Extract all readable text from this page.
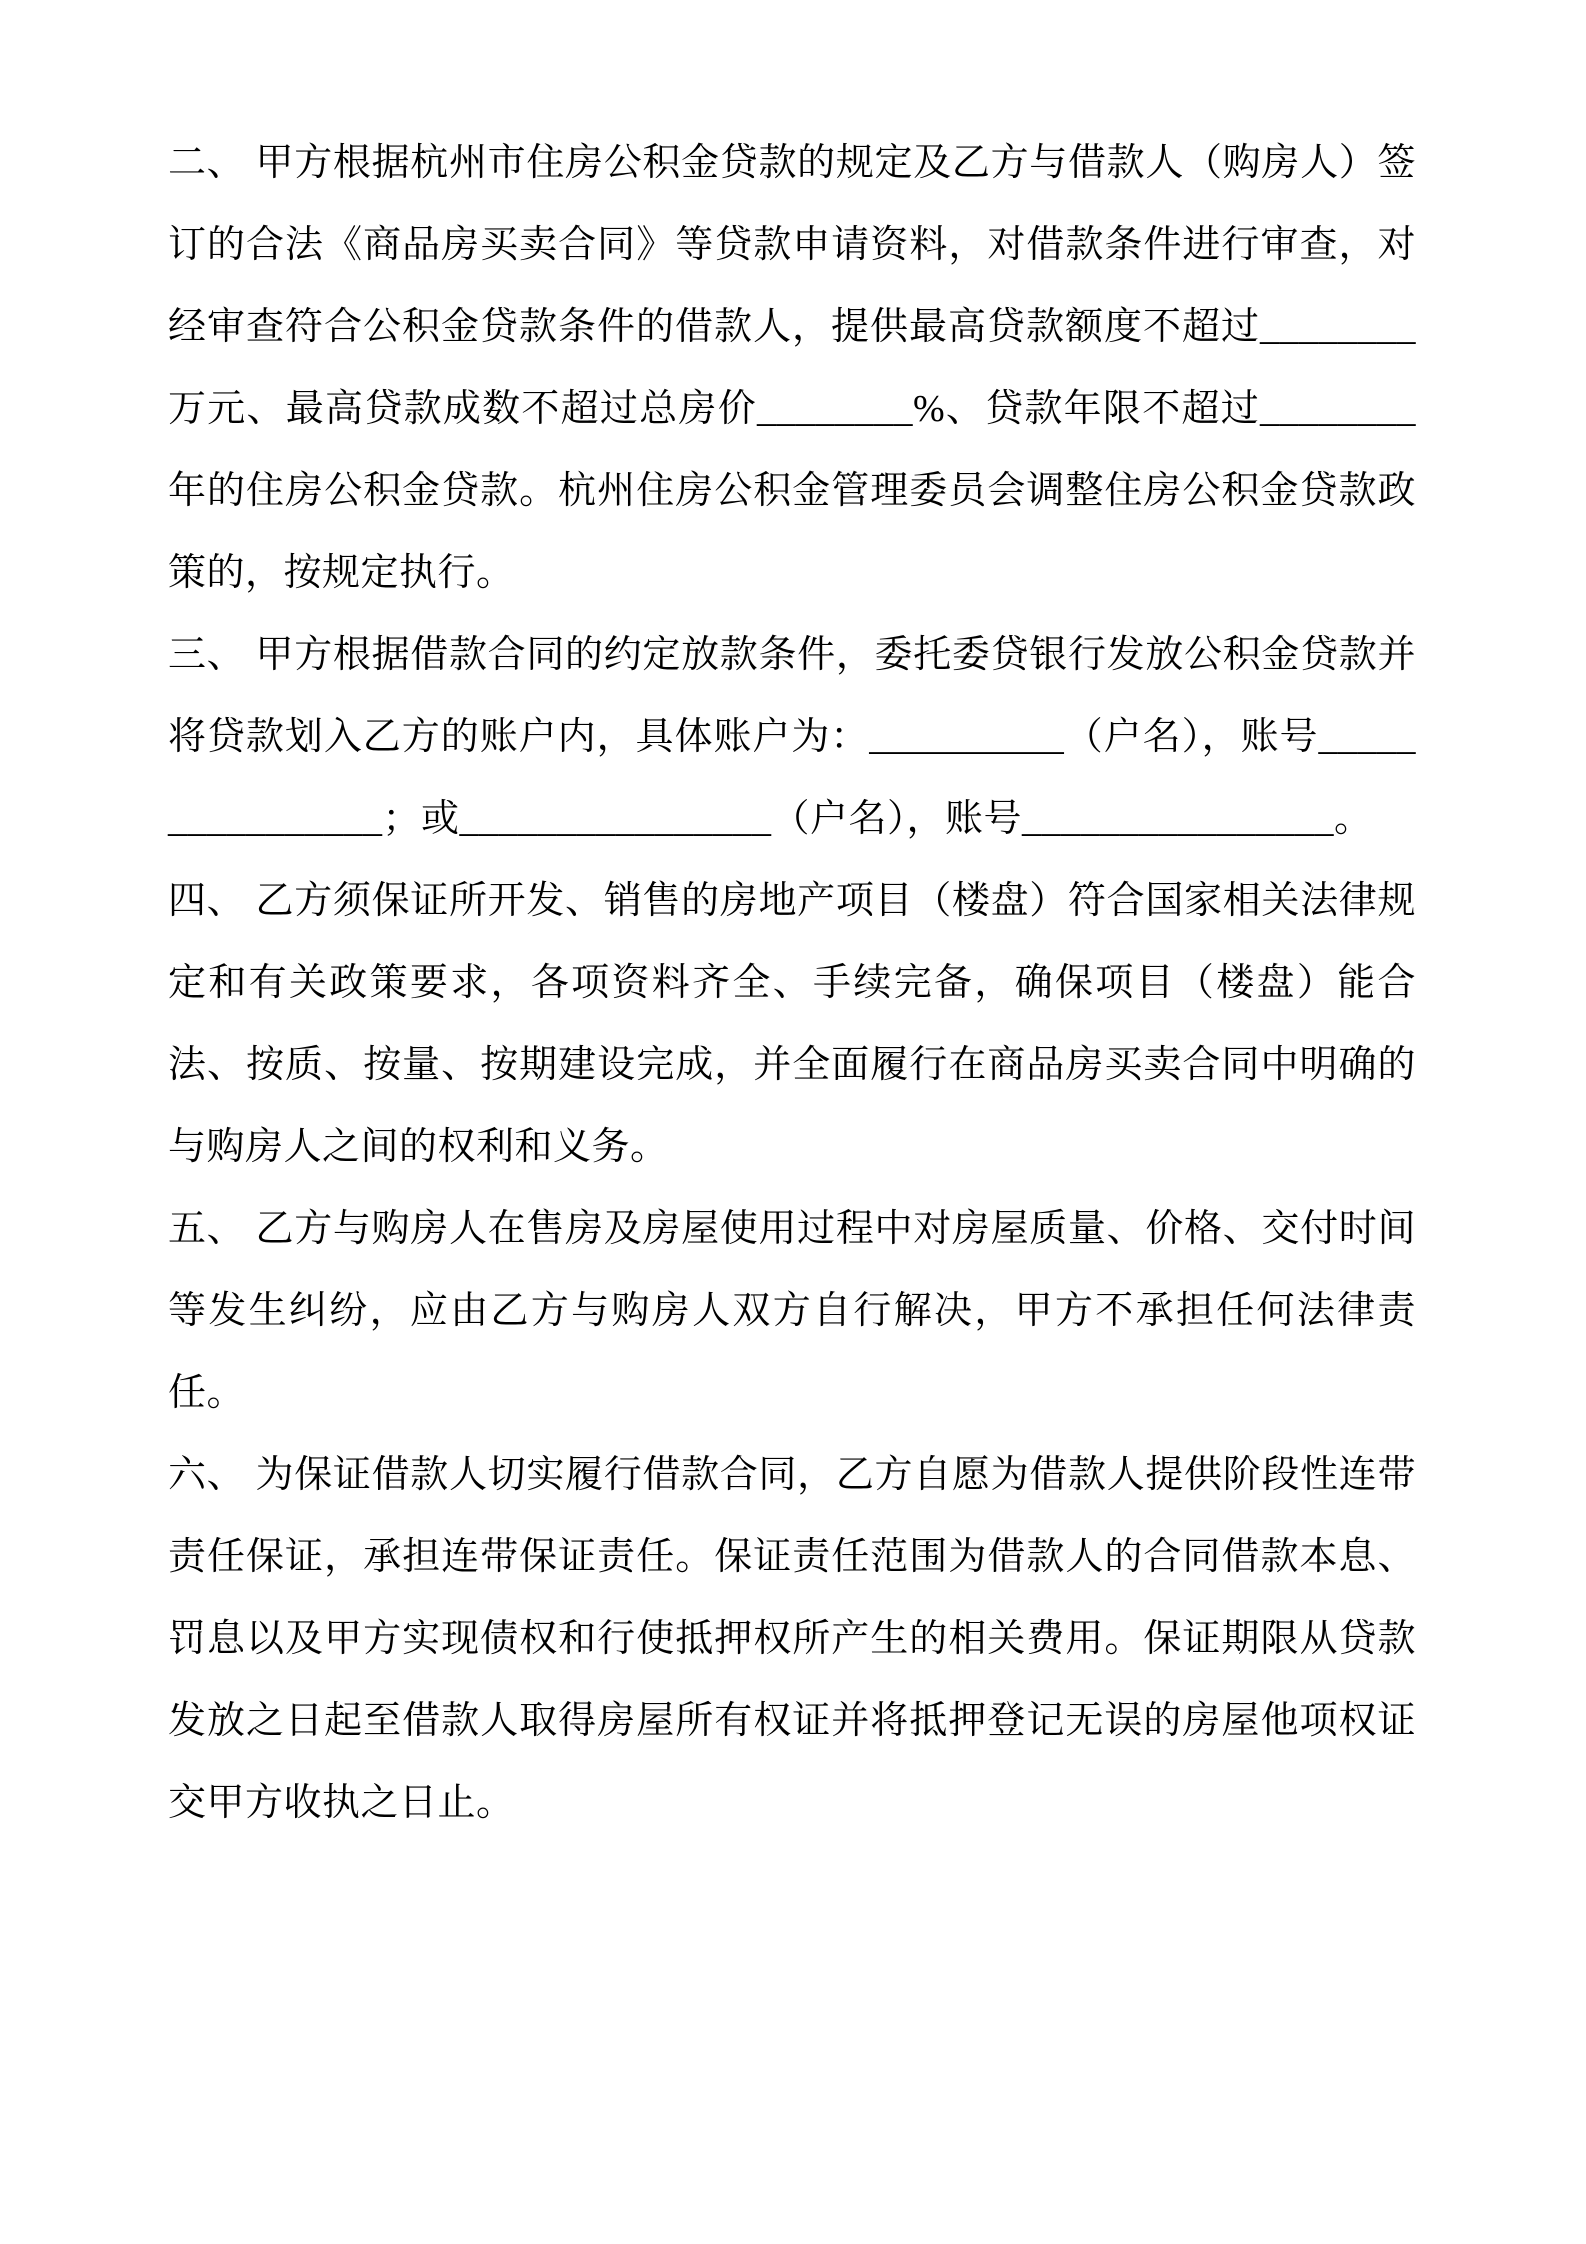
二、 甲方根据杭州市住房公积金贷款的规定及乙方与借款人（购房人）签订的合法《商品房买卖合同》等贷款申请资料，对借款条件进行审查，对经审查符合公积金贷款条件的借款人，提供最高贷款额度不超过________万元、最高贷款成数不超过总房价________%、贷款年限不超过________年的住房公积金贷款。杭州住房公积金管理委员会调整住房公积金贷款政策的，按规定执行。

三、 甲方根据借款合同的约定放款条件，委托委贷银行发放公积金贷款并将贷款划入乙方的账户内，具体账户为：__________（户名），账号________________；或________________（户名），账号________________。

四、 乙方须保证所开发、销售的房地产项目（楼盘）符合国家相关法律规定和有关政策要求，各项资料齐全、手续完备，确保项目（楼盘）能合法、按质、按量、按期建设完成，并全面履行在商品房买卖合同中明确的与购房人之间的权利和义务。

五、 乙方与购房人在售房及房屋使用过程中对房屋质量、价格、交付时间等发生纠纷，应由乙方与购房人双方自行解决，甲方不承担任何法律责任。

六、 为保证借款人切实履行借款合同，乙方自愿为借款人提供阶段性连带责任保证，承担连带保证责任。保证责任范围为借款人的合同借款本息、罚息以及甲方实现债权和行使抵押权所产生的相关费用。保证期限从贷款发放之日起至借款人取得房屋所有权证并将抵押登记无误的房屋他项权证交甲方收执之日止。
